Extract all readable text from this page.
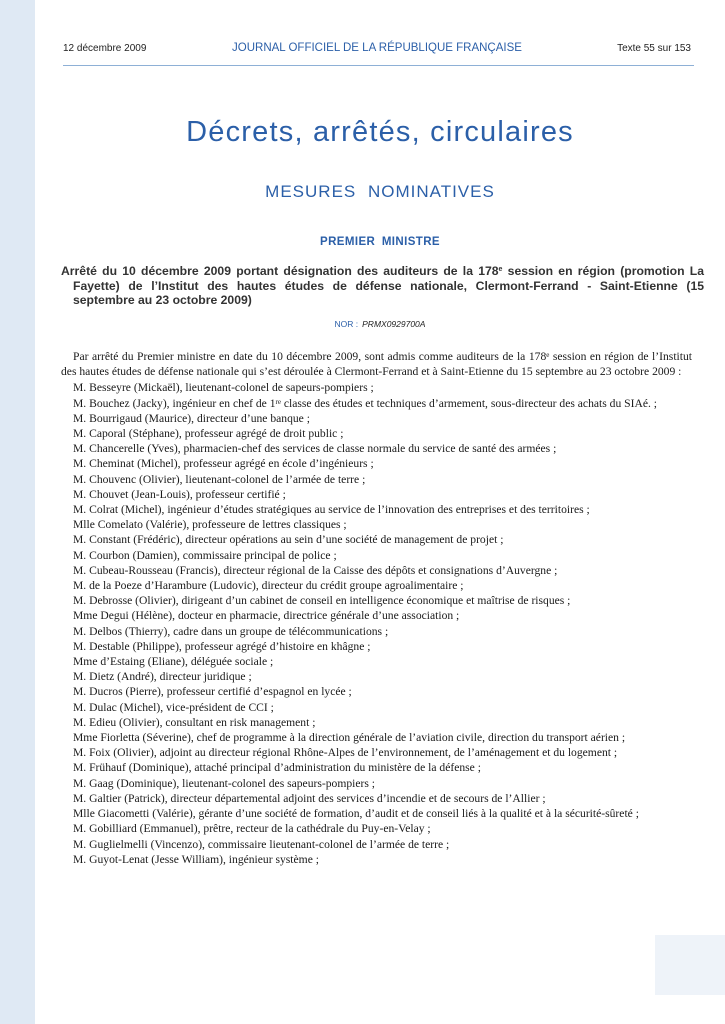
12 décembre 2009	JOURNAL OFFICIEL DE LA RÉPUBLIQUE FRANÇAISE	Texte 55 sur 153
Décrets, arrêtés, circulaires
MESURES NOMINATIVES
PREMIER MINISTRE
Arrêté du 10 décembre 2009 portant désignation des auditeurs de la 178e session en région (promotion La Fayette) de l’Institut des hautes études de défense nationale, Clermont-Ferrand - Saint-Etienne (15 septembre au 23 octobre 2009)
NOR : PRMX0929700A

Par arrêté du Premier ministre en date du 10 décembre 2009, sont admis comme auditeurs de la 178e session en région de l’Institut des hautes études de défense nationale qui s’est déroulée à Clermont-Ferrand et à Saint-Etienne du 15 septembre au 23 octobre 2009 :

M. Besseyre (Mickaël), lieutenant-colonel de sapeurs-pompiers ;

M. Bouchez (Jacky), ingénieur en chef de 1re classe des études et techniques d’armement, sous-directeur des achats du SIAé. ;

M. Bourrigaud (Maurice), directeur d’une banque ;

M. Caporal (Stéphane), professeur agrégé de droit public ;

M. Chancerelle (Yves), pharmacien-chef des services de classe normale du service de santé des armées ;

M. Cheminat (Michel), professeur agrégé en école d’ingénieurs ;

M. Chouvenc (Olivier), lieutenant-colonel de l’armée de terre ;

M. Chouvet (Jean-Louis), professeur certifié ;

M. Colrat (Michel), ingénieur d’études stratégiques au service de l’innovation des entreprises et des territoires ;

Mlle Comelato (Valérie), professeure de lettres classiques ;

M. Constant (Frédéric), directeur opérations au sein d’une société de management de projet ;

M. Courbon (Damien), commissaire principal de police ;

M. Cubeau-Rousseau (Francis), directeur régional de la Caisse des dépôts et consignations d’Auvergne ;

M. de la Poeze d’Harambure (Ludovic), directeur du crédit groupe agroalimentaire ;

M. Debrosse (Olivier), dirigeant d’un cabinet de conseil en intelligence économique et maîtrise de risques ;

Mme Degui (Hélène), docteur en pharmacie, directrice générale d’une association ;

M. Delbos (Thierry), cadre dans un groupe de télécommunications ;

M. Destable (Philippe), professeur agrégé d’histoire en khâgne ;

Mme d’Estaing (Eliane), déléguée sociale ;

M. Dietz (André), directeur juridique ;

M. Ducros (Pierre), professeur certifié d’espagnol en lycée ;

M. Dulac (Michel), vice-président de CCI ;

M. Edieu (Olivier), consultant en risk management ;

Mme Fiorletta (Séverine), chef de programme à la direction générale de l’aviation civile, direction du transport aérien ;

M. Foix (Olivier), adjoint au directeur régional Rhône-Alpes de l’environnement, de l’aménagement et du logement ;

M. Frühauf (Dominique), attaché principal d’administration du ministère de la défense ;

M. Gaag (Dominique), lieutenant-colonel des sapeurs-pompiers ;

M. Galtier (Patrick), directeur départemental adjoint des services d’incendie et de secours de l’Allier ;

Mlle Giacometti (Valérie), gérante d’une société de formation, d’audit et de conseil liés à la qualité et à la sécurité-sûreté ;

M. Gobilliard (Emmanuel), prêtre, recteur de la cathédrale du Puy-en-Velay ;

M. Guglielmelli (Vincenzo), commissaire lieutenant-colonel de l’armée de terre ;

M. Guyot-Lenat (Jesse William), ingénieur système ;
